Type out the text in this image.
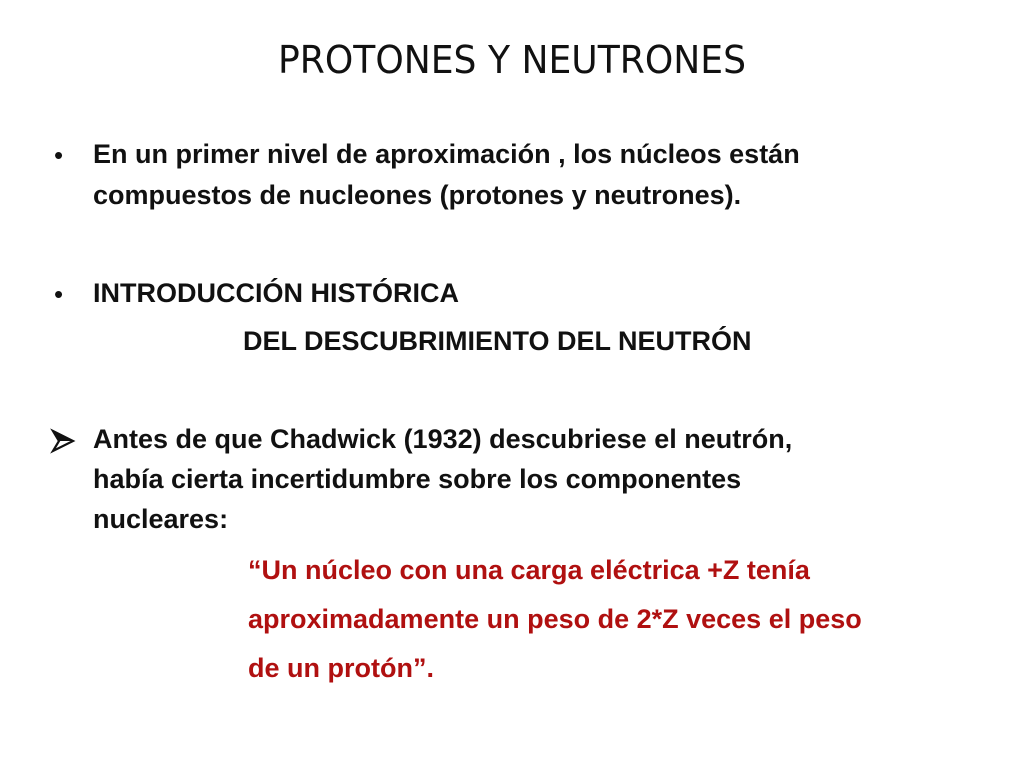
PROTONES Y NEUTRONES
• En un primer nivel de aproximación , los núcleos están
compuestos de nucleones (protones y neutrones).
• INTRODUCCIÓN HISTÓRICA
DEL DESCUBRIMIENTO DEL NEUTRÓN
Antes de que Chadwick (1932) descubriese el neutrón,
había cierta incertidumbre sobre los componentes
nucleares:
“Un núcleo con una carga eléctrica +Z tenía
aproximadamente un peso de 2*Z veces el peso
de un protón”.
